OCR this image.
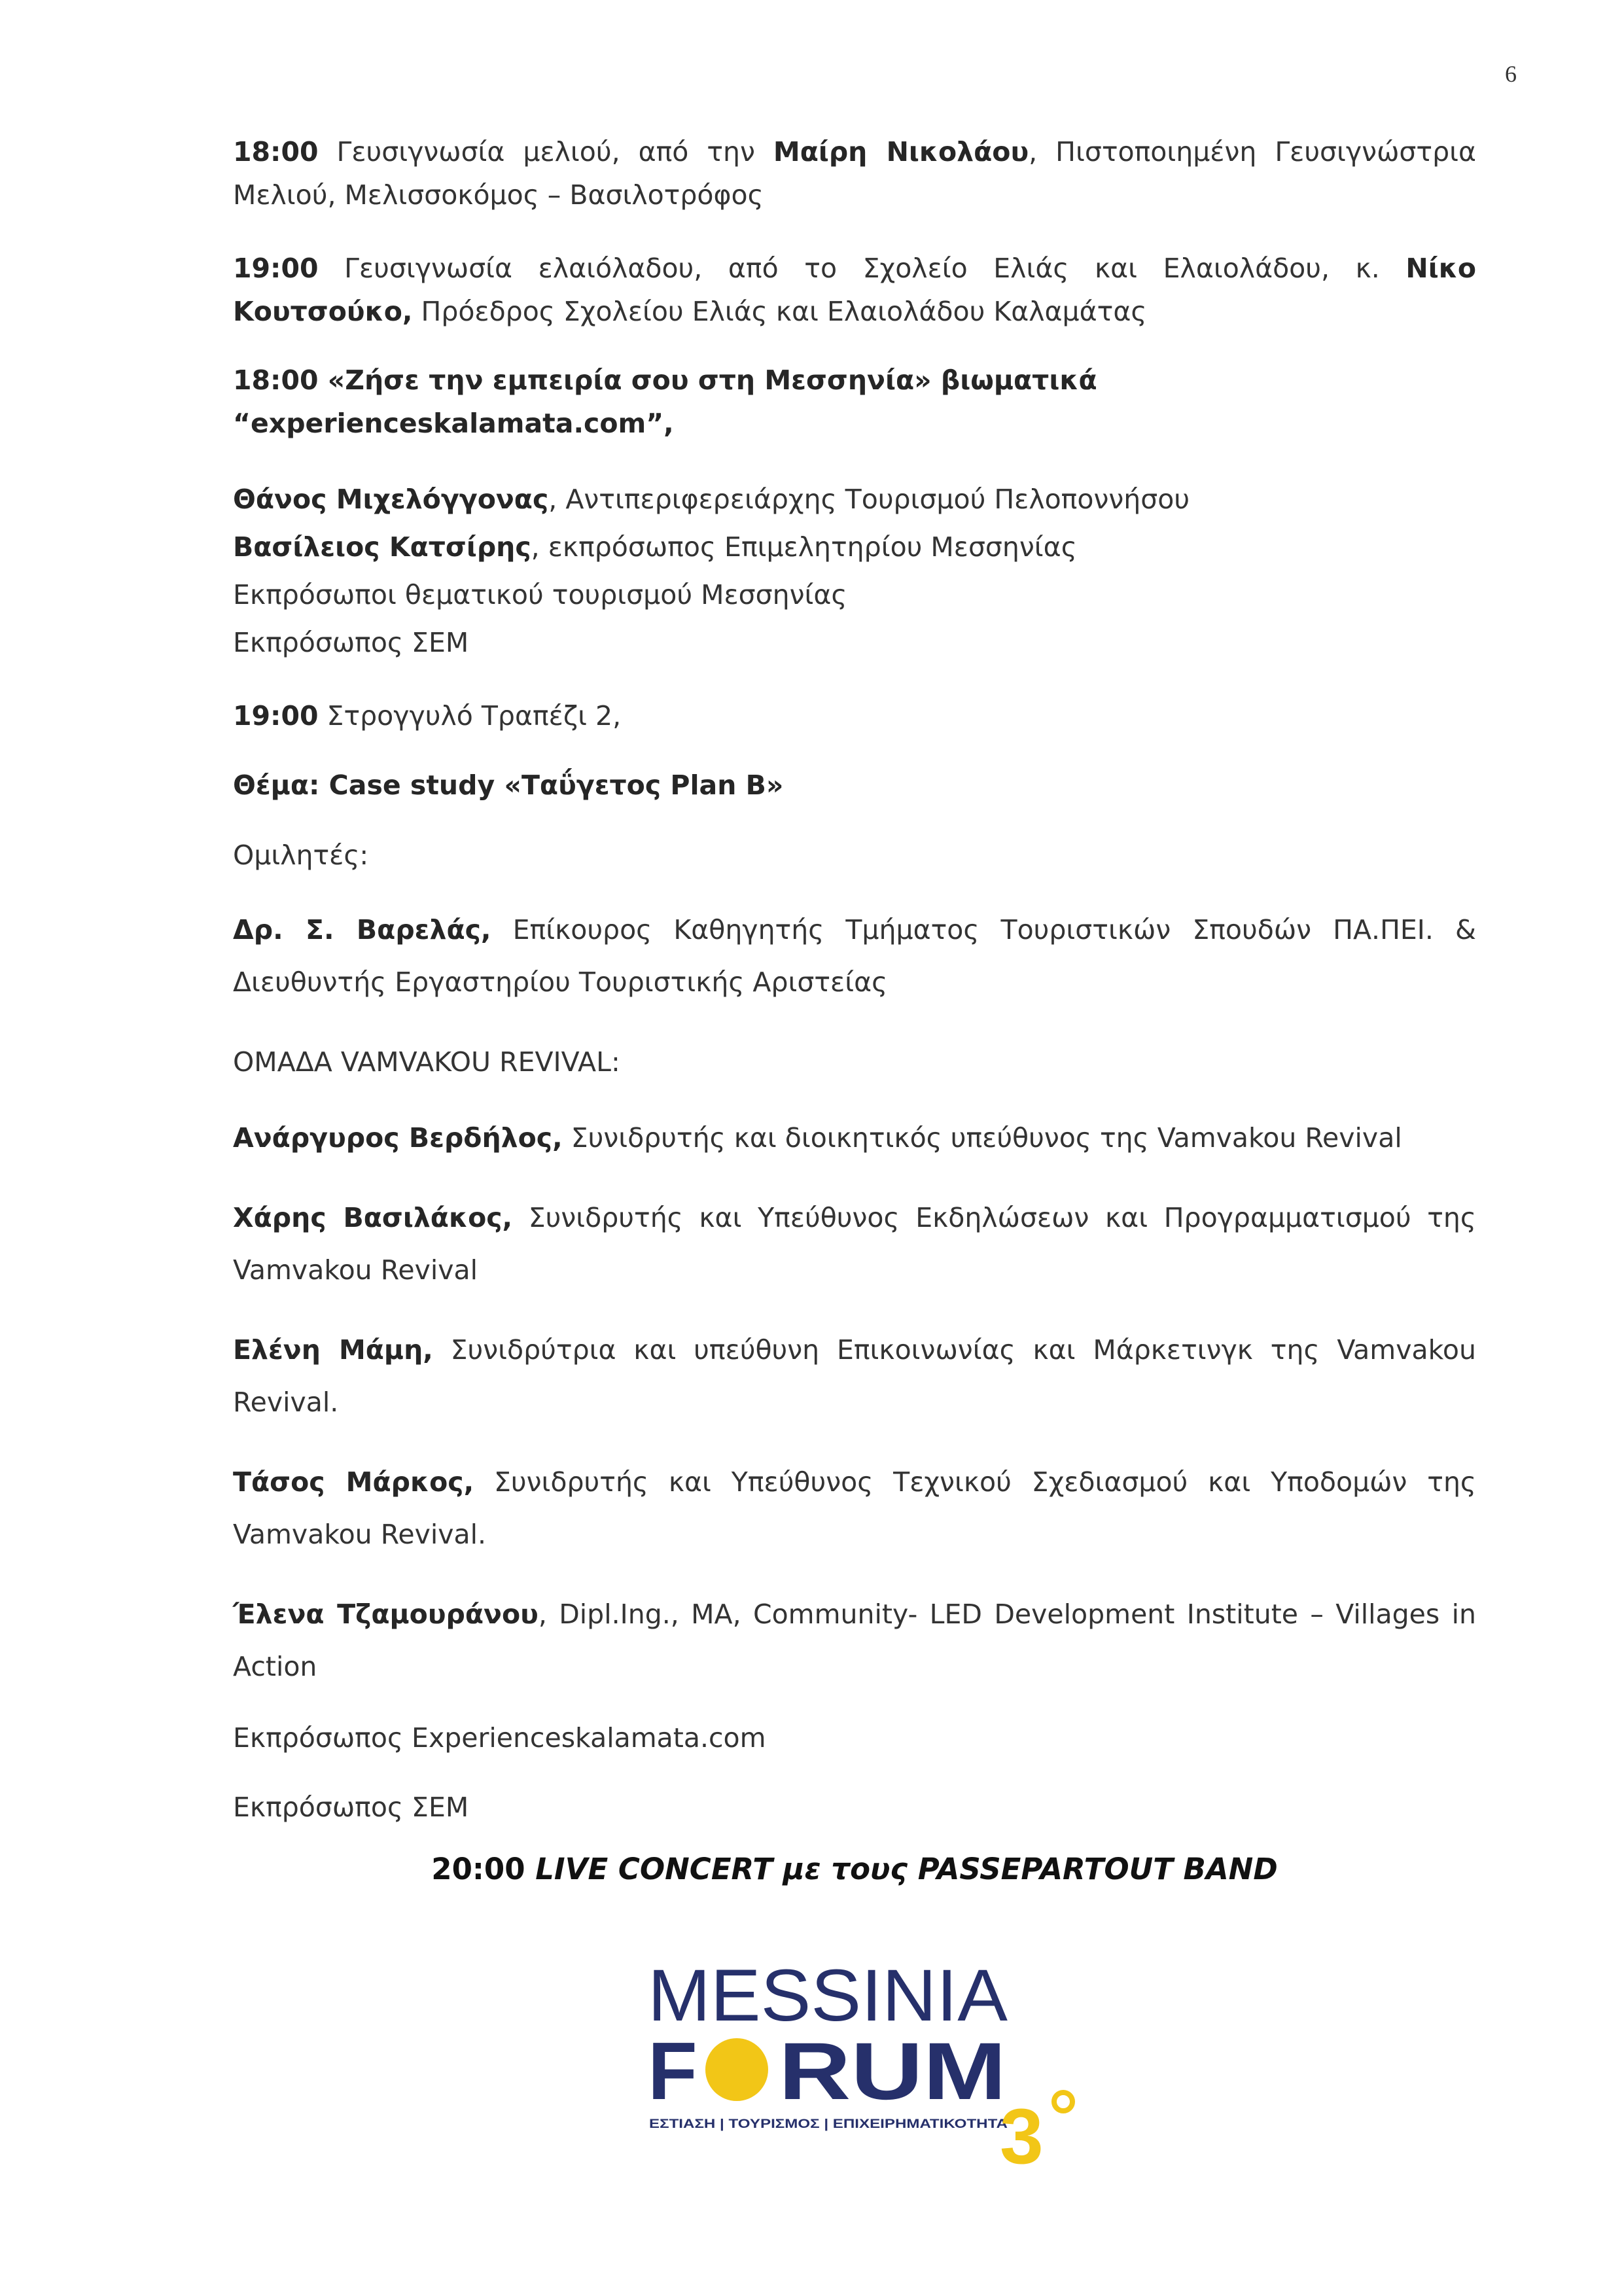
6

18:00 Γευσιγνωσία μελιού, από την Μαίρη Νικολάου, Πιστοποιημένη Γευσιγνώστρια Μελιού, Μελισσοκόμος – Βασιλοτρόφος

19:00 Γευσιγνωσία ελαιόλαδου, από το Σχολείο Ελιάς και Ελαιολάδου, κ. Νίκο Κουτσούκο, Πρόεδρος Σχολείου Ελιάς και Ελαιολάδου Καλαμάτας

18:00 «Ζήσε την εμπειρία σου στη Μεσσηνία» βιωματικά “experienceskalamata.com”,

Θάνος Μιχελόγγονας, Αντιπεριφερειάρχης Τουρισμού Πελοποννήσου
Βασίλειος Κατσίρης, εκπρόσωπος Επιμελητηρίου Μεσσηνίας
Εκπρόσωποι θεματικού τουρισμού Μεσσηνίας
Εκπρόσωπος ΣΕΜ

19:00 Στρογγυλό Τραπέζι 2,

Θέμα: Case study «Ταΰγετος Plan B»

Ομιλητές:

Δρ. Σ. Βαρελάς, Επίκουρος Καθηγητής Τμήματος Τουριστικών Σπουδών ΠΑ.ΠΕΙ. & Διευθυντής Εργαστηρίου Τουριστικής Αριστείας

ΟΜΑΔΑ VAMVAKOU REVIVAL:

Ανάργυρος Βερδήλος, Συνιδρυτής και διοικητικός υπεύθυνος της Vamvakou Revival

Χάρης Βασιλάκος, Συνιδρυτής και Υπεύθυνος Εκδηλώσεων και Προγραμματισμού της Vamvakou Revival

Ελένη Μάμη, Συνιδρύτρια και υπεύθυνη Επικοινωνίας και Μάρκετινγκ της Vamvakou Revival.

Τάσος Μάρκος, Συνιδρυτής και Υπεύθυνος Τεχνικού Σχεδιασμού και Υποδομών της Vamvakou Revival.

Έλενα Τζαμουράνου, Dipl.Ing., MA, Community- LED Development Institute – Villages in Action

Εκπρόσωπος Experienceskalamata.com

Εκπρόσωπος ΣΕΜ

20:00 LIVE CONCERT με τους PASSEPARTOUT BAND
MESSINIA
F RUM
ΕΣΤΙΑΣΗ | ΤΟΥΡΙΣΜΟΣ | ΕΠΙΧΕΙΡΗΜΑΤΙΚΟΤΗΤΑ
3
